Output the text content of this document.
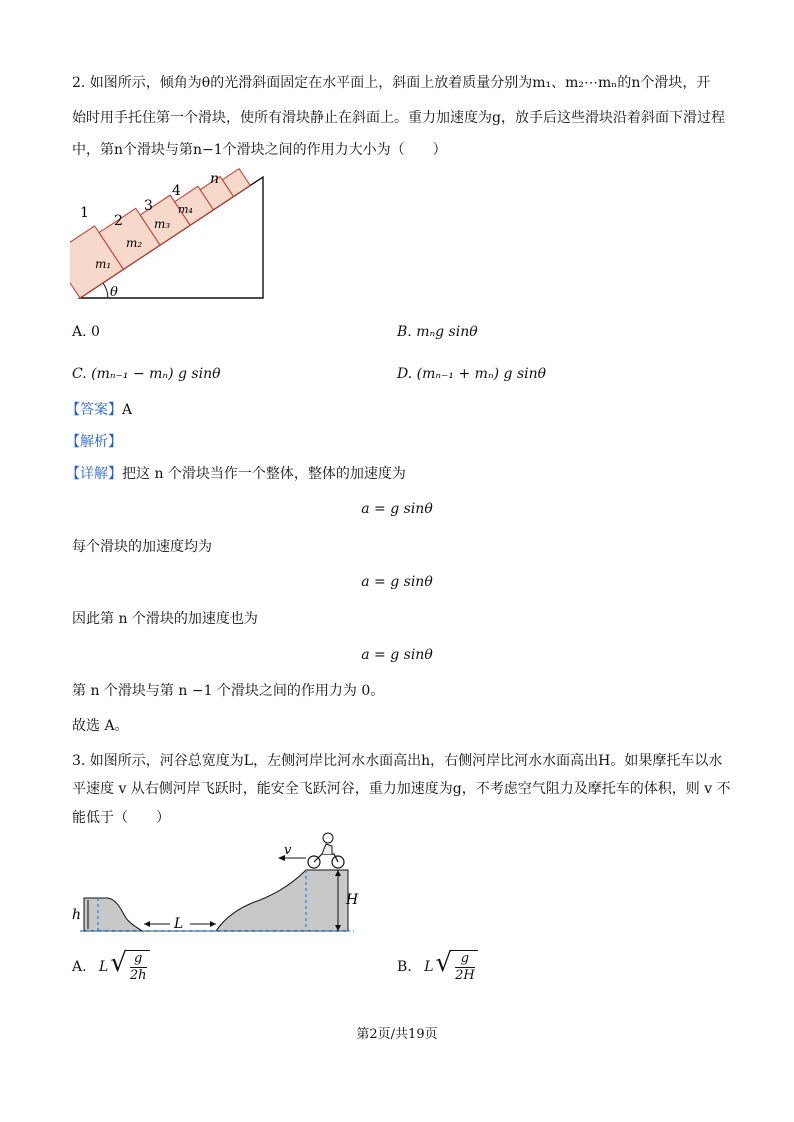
2. 如图所示，倾角为θ的光滑斜面固定在水平面上，斜面上放着质量分别为m₁、m₂⋯mₙ的n个滑块，开
始时用手托住第一个滑块，使所有滑块静止在斜面上。重力加速度为g，放手后这些滑块沿着斜面下滑过程
中，第n个滑块与第n−1个滑块之间的作用力大小为（　　）
θ
1 2
3
4
n
m₁
m₂
m₃
m₄
A. 0	B. mₙg sinθ
C. (mₙ₋₁ − mₙ) g sinθ	D. (mₙ₋₁ + mₙ) g sinθ
【答案】A
【解析】
【详解】把这 n 个滑块当作一个整体，整体的加速度为
a = g sinθ
每个滑块的加速度均为
a = g sinθ
因此第 n 个滑块的加速度也为
a = g sinθ
第 n 个滑块与第 n −1 个滑块之间的作用力为 0。
故选 A。
3. 如图所示，河谷总宽度为L，左侧河岸比河水水面高出h，右侧河岸比河水水面高出H。如果摩托车以水
平速度 v 从右侧河岸飞跃时，能安全飞跃河谷，重力加速度为g，不考虑空气阻力及摩托车的体积，则 v 不
能低于（　　）
h
L
H
v
A. $L√ \frac{g}{2h}$	B. $L√ \frac{g}{2H}$
第2页/共19页
